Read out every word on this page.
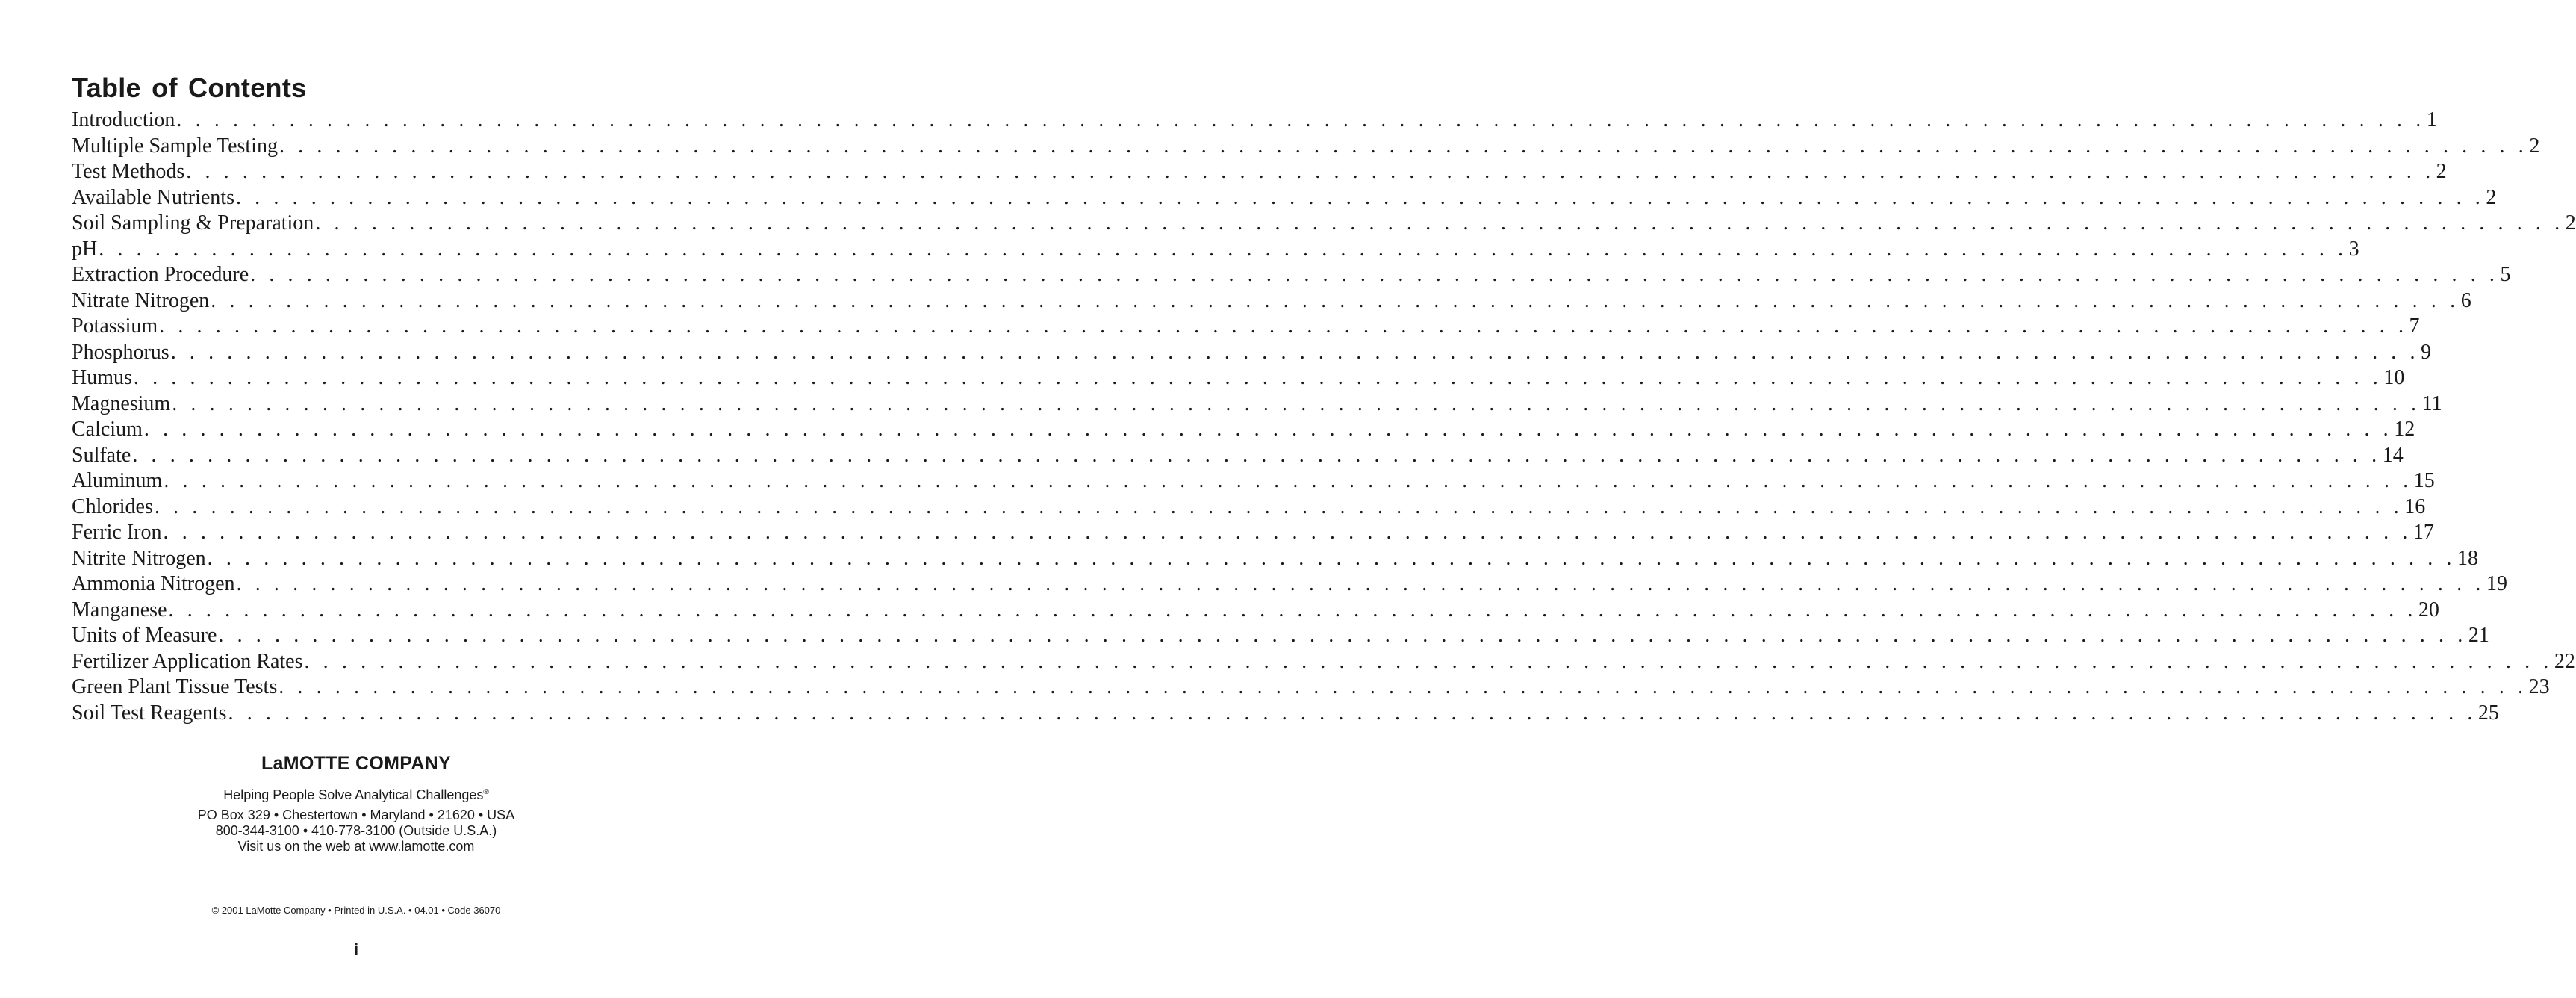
Table of Contents
Introduction . . . . . . . . . . . . . . . . . . . . . . . . . . . . . . . . . . . . . . . . . . . . . . . . . . . . . . . . . . . . . . . . . . . . . . . . . . . . . . . . . . . . . . . . . . . . . . . . . . . . . . . . . . . . . . . . . . . . . . . . 1
Multiple Sample Testing . . . . . . . . . . . . . . . . . . . . . . . . . . . . . . . . . . . . . . . . . . . . . . . . . . . . . . . . . . . . . . . . . . . . . . . . . . . . . . . . . . . . . . . . . . . . . . . . . . . . . . . . . . . . . . . . . . . . . . . . 2
Test Methods . . . . . . . . . . . . . . . . . . . . . . . . . . . . . . . . . . . . . . . . . . . . . . . . . . . . . . . . . . . . . . . . . . . . . . . . . . . . . . . . . . . . . . . . . . . . . . . . . . . . . . . . . . . . . . . . . . . . . . . . 2
Available Nutrients . . . . . . . . . . . . . . . . . . . . . . . . . . . . . . . . . . . . . . . . . . . . . . . . . . . . . . . . . . . . . . . . . . . . . . . . . . . . . . . . . . . . . . . . . . . . . . . . . . . . . . . . . . . . . . . . . . . . . . . . 2
Soil Sampling & Preparation . . . . . . . . . . . . . . . . . . . . . . . . . . . . . . . . . . . . . . . . . . . . . . . . . . . . . . . . . . . . . . . . . . . . . . . . . . . . . . . . . . . . . . . . . . . . . . . . . . . . . . . . . . . . . . . . . . . . . . . . 2
pH . . . . . . . . . . . . . . . . . . . . . . . . . . . . . . . . . . . . . . . . . . . . . . . . . . . . . . . . . . . . . . . . . . . . . . . . . . . . . . . . . . . . . . . . . . . . . . . . . . . . . . . . . . . . . . . . . . . . . . . . 3
Extraction Procedure . . . . . . . . . . . . . . . . . . . . . . . . . . . . . . . . . . . . . . . . . . . . . . . . . . . . . . . . . . . . . . . . . . . . . . . . . . . . . . . . . . . . . . . . . . . . . . . . . . . . . . . . . . . . . . . . . . . . . . . . 5
Nitrate Nitrogen . . . . . . . . . . . . . . . . . . . . . . . . . . . . . . . . . . . . . . . . . . . . . . . . . . . . . . . . . . . . . . . . . . . . . . . . . . . . . . . . . . . . . . . . . . . . . . . . . . . . . . . . . . . . . . . . . . . . . . . . 6
Potassium . . . . . . . . . . . . . . . . . . . . . . . . . . . . . . . . . . . . . . . . . . . . . . . . . . . . . . . . . . . . . . . . . . . . . . . . . . . . . . . . . . . . . . . . . . . . . . . . . . . . . . . . . . . . . . . . . . . . . . . . 7
Phosphorus . . . . . . . . . . . . . . . . . . . . . . . . . . . . . . . . . . . . . . . . . . . . . . . . . . . . . . . . . . . . . . . . . . . . . . . . . . . . . . . . . . . . . . . . . . . . . . . . . . . . . . . . . . . . . . . . . . . . . . . . 9
Humus . . . . . . . . . . . . . . . . . . . . . . . . . . . . . . . . . . . . . . . . . . . . . . . . . . . . . . . . . . . . . . . . . . . . . . . . . . . . . . . . . . . . . . . . . . . . . . . . . . . . . . . . . . . . . . . . . . . . . . . . 10
Magnesium . . . . . . . . . . . . . . . . . . . . . . . . . . . . . . . . . . . . . . . . . . . . . . . . . . . . . . . . . . . . . . . . . . . . . . . . . . . . . . . . . . . . . . . . . . . . . . . . . . . . . . . . . . . . . . . . . . . . . . . . 11
Calcium . . . . . . . . . . . . . . . . . . . . . . . . . . . . . . . . . . . . . . . . . . . . . . . . . . . . . . . . . . . . . . . . . . . . . . . . . . . . . . . . . . . . . . . . . . . . . . . . . . . . . . . . . . . . . . . . . . . . . . . . 12
Sulfate . . . . . . . . . . . . . . . . . . . . . . . . . . . . . . . . . . . . . . . . . . . . . . . . . . . . . . . . . . . . . . . . . . . . . . . . . . . . . . . . . . . . . . . . . . . . . . . . . . . . . . . . . . . . . . . . . . . . . . . . 14
Aluminum . . . . . . . . . . . . . . . . . . . . . . . . . . . . . . . . . . . . . . . . . . . . . . . . . . . . . . . . . . . . . . . . . . . . . . . . . . . . . . . . . . . . . . . . . . . . . . . . . . . . . . . . . . . . . . . . . . . . . . . . 15
Chlorides . . . . . . . . . . . . . . . . . . . . . . . . . . . . . . . . . . . . . . . . . . . . . . . . . . . . . . . . . . . . . . . . . . . . . . . . . . . . . . . . . . . . . . . . . . . . . . . . . . . . . . . . . . . . . . . . . . . . . . . . 16
Ferric Iron . . . . . . . . . . . . . . . . . . . . . . . . . . . . . . . . . . . . . . . . . . . . . . . . . . . . . . . . . . . . . . . . . . . . . . . . . . . . . . . . . . . . . . . . . . . . . . . . . . . . . . . . . . . . . . . . . . . . . . . . 17
Nitrite Nitrogen . . . . . . . . . . . . . . . . . . . . . . . . . . . . . . . . . . . . . . . . . . . . . . . . . . . . . . . . . . . . . . . . . . . . . . . . . . . . . . . . . . . . . . . . . . . . . . . . . . . . . . . . . . . . . . . . . . . . . . . . 18
Ammonia Nitrogen . . . . . . . . . . . . . . . . . . . . . . . . . . . . . . . . . . . . . . . . . . . . . . . . . . . . . . . . . . . . . . . . . . . . . . . . . . . . . . . . . . . . . . . . . . . . . . . . . . . . . . . . . . . . . . . . . . . . . . . . 19
Manganese . . . . . . . . . . . . . . . . . . . . . . . . . . . . . . . . . . . . . . . . . . . . . . . . . . . . . . . . . . . . . . . . . . . . . . . . . . . . . . . . . . . . . . . . . . . . . . . . . . . . . . . . . . . . . . . . . . . . . . . . 20
Units of Measure . . . . . . . . . . . . . . . . . . . . . . . . . . . . . . . . . . . . . . . . . . . . . . . . . . . . . . . . . . . . . . . . . . . . . . . . . . . . . . . . . . . . . . . . . . . . . . . . . . . . . . . . . . . . . . . . . . . . . . . . 21
Fertilizer Application Rates . . . . . . . . . . . . . . . . . . . . . . . . . . . . . . . . . . . . . . . . . . . . . . . . . . . . . . . . . . . . . . . . . . . . . . . . . . . . . . . . . . . . . . . . . . . . . . . . . . . . . . . . . . . . . . . . . . . . . . . . 22
Green Plant Tissue Tests . . . . . . . . . . . . . . . . . . . . . . . . . . . . . . . . . . . . . . . . . . . . . . . . . . . . . . . . . . . . . . . . . . . . . . . . . . . . . . . . . . . . . . . . . . . . . . . . . . . . . . . . . . . . . . . . . . . . . . . . 23
Soil Test Reagents . . . . . . . . . . . . . . . . . . . . . . . . . . . . . . . . . . . . . . . . . . . . . . . . . . . . . . . . . . . . . . . . . . . . . . . . . . . . . . . . . . . . . . . . . . . . . . . . . . . . . . . . . . . . . . . . . . . . . . . . 25
LaMOTTE COMPANY
Helping People Solve Analytical Challenges®
PO Box 329 • Chestertown • Maryland • 21620 • USA
800-344-3100 • 410-778-3100 (Outside U.S.A.)
Visit us on the web at www.lamotte.com
© 2001 LaMotte Company • Printed in U.S.A. • 04.01 • Code 36070
i
